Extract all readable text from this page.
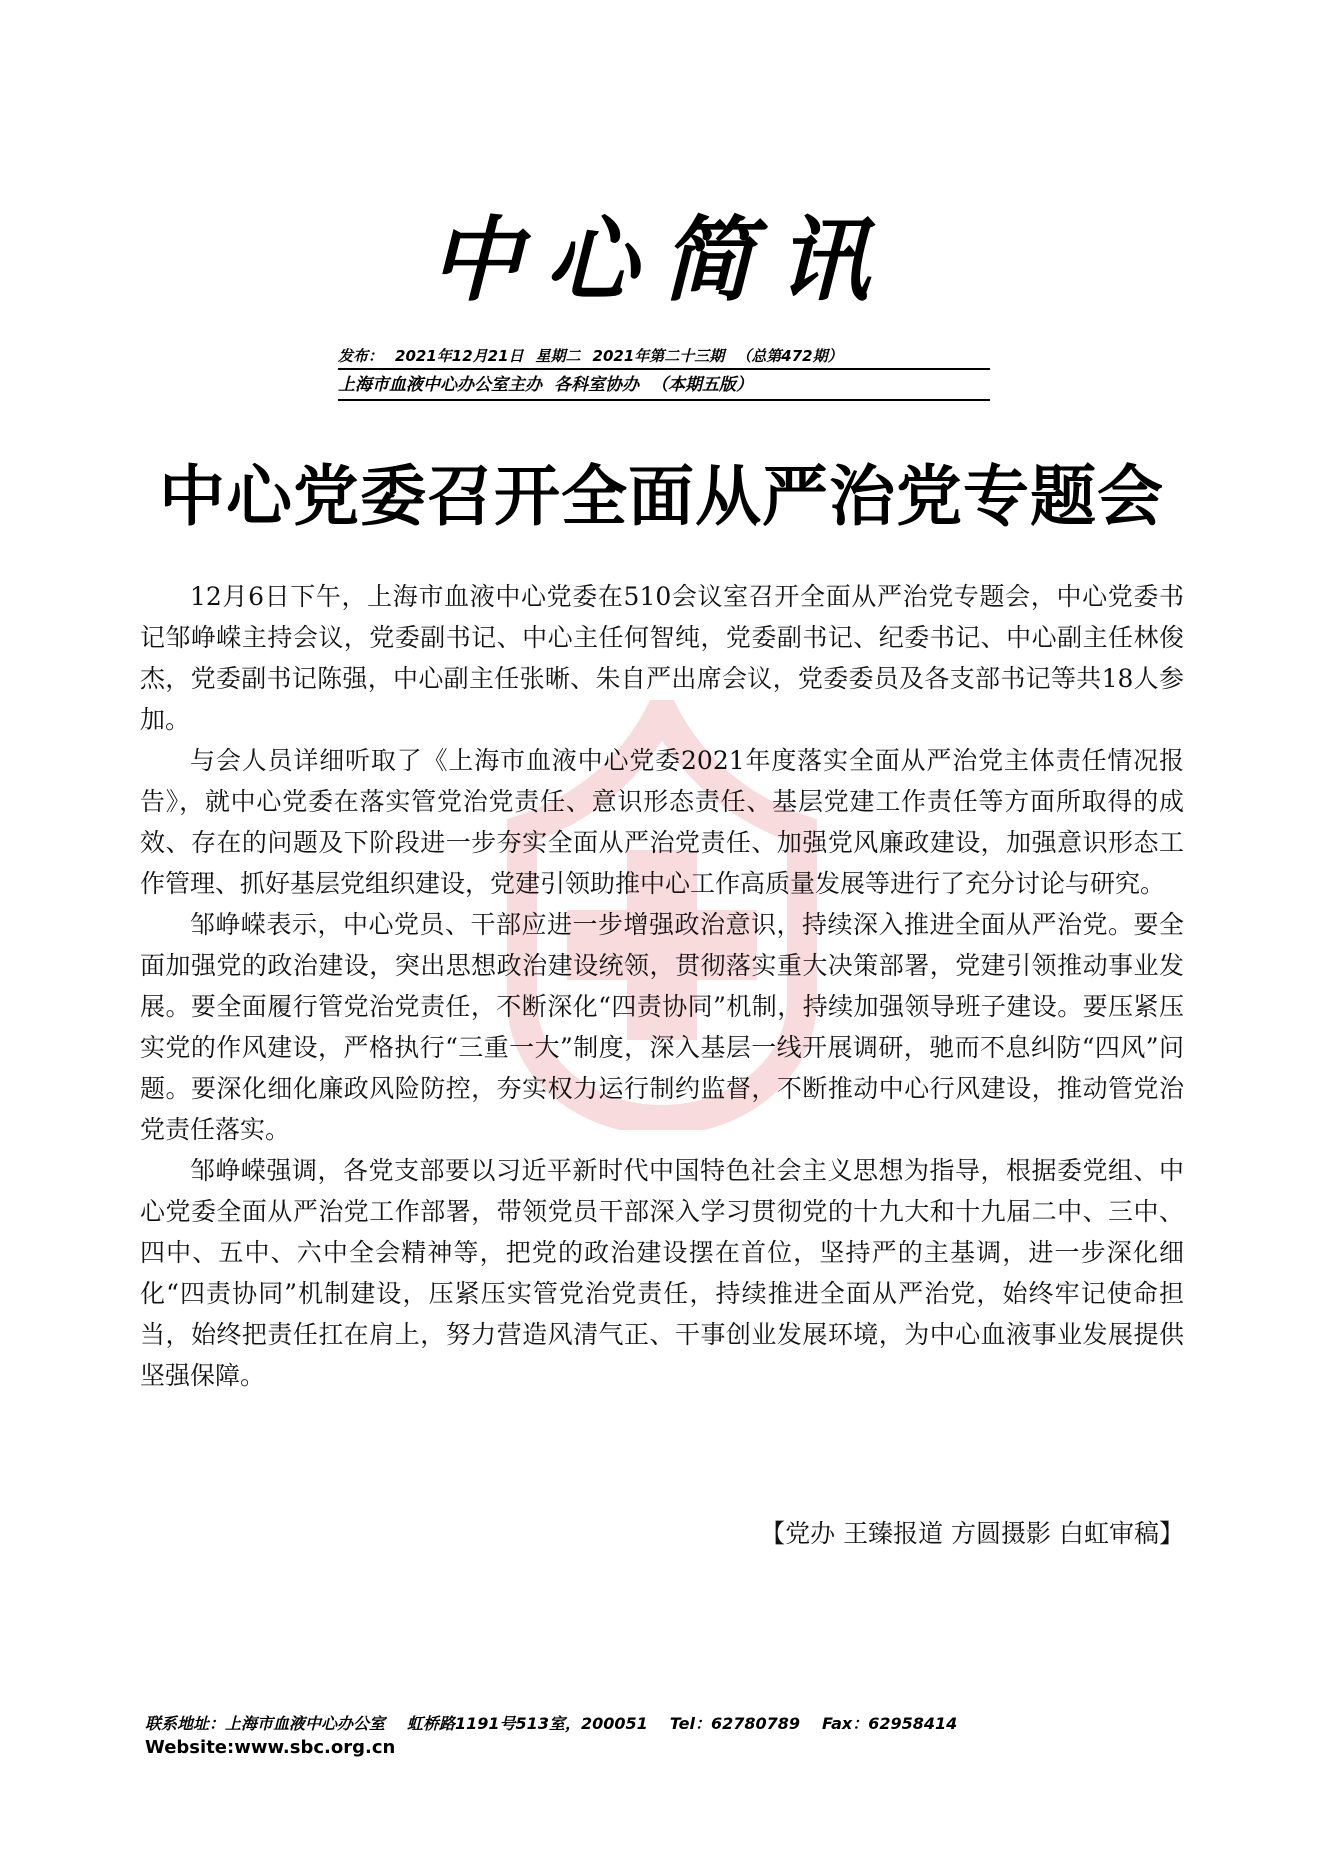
中心简讯
发布： 2021年12月21日 星期二 2021年第二十三期 （总第472期）
上海市血液中心办公室主办 各科室协办 （本期五版）
中心党委召开全面从严治党专题会

12月6日下午，上海市血液中心党委在510会议室召开全面从严治党专题会，中心党委书记邹峥嵘主持会议，党委副书记、中心主任何智纯，党委副书记、纪委书记、中心副主任林俊杰，党委副书记陈强，中心副主任张晰、朱自严出席会议，党委委员及各支部书记等共18人参加。

与会人员详细听取了《上海市血液中心党委2021年度落实全面从严治党主体责任情况报告》，就中心党委在落实管党治党责任、意识形态责任、基层党建工作责任等方面所取得的成效、存在的问题及下阶段进一步夯实全面从严治党责任、加强党风廉政建设，加强意识形态工作管理、抓好基层党组织建设，党建引领助推中心工作高质量发展等进行了充分讨论与研究。

邹峥嵘表示，中心党员、干部应进一步增强政治意识，持续深入推进全面从严治党。要全面加强党的政治建设，突出思想政治建设统领，贯彻落实重大决策部署，党建引领推动事业发展。要全面履行管党治党责任，不断深化“四责协同”机制，持续加强领导班子建设。要压紧压实党的作风建设，严格执行“三重一大”制度，深入基层一线开展调研，驰而不息纠防“四风”问题。要深化细化廉政风险防控，夯实权力运行制约监督，不断推动中心行风建设，推动管党治党责任落实。

邹峥嵘强调，各党支部要以习近平新时代中国特色社会主义思想为指导，根据委党组、中心党委全面从严治党工作部署，带领党员干部深入学习贯彻党的十九大和十九届二中、三中、四中、五中、六中全会精神等，把党的政治建设摆在首位，坚持严的主基调，进一步深化细化“四责协同”机制建设，压紧压实管党治党责任，持续推进全面从严治党，始终牢记使命担当，始终把责任扛在肩上，努力营造风清气正、干事创业发展环境，为中心血液事业发展提供坚强保障。

【党办 王臻报道 方圆摄影 白虹审稿】
联系地址：上海市血液中心办公室 虹桥路1191号513室，200051 Tel：62780789 Fax：62958414
Website:www.sbc.org.cn
